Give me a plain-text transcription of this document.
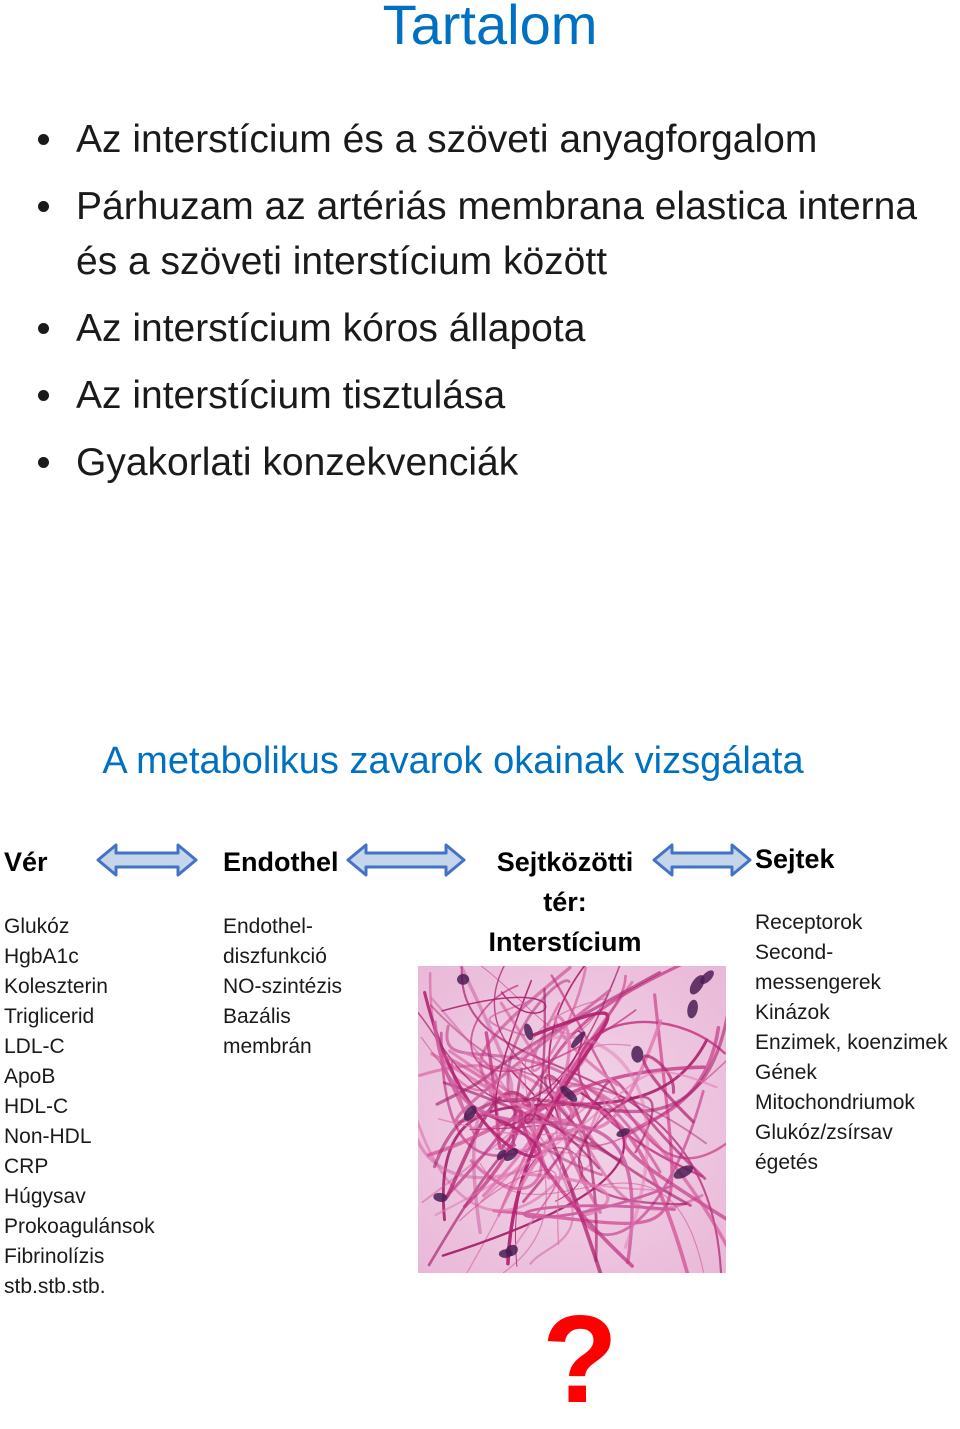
Tartalom
Az interstícium és a szöveti anyagforgalom
Párhuzam az artériás membrana elastica interna és a szöveti interstícium között
Az interstícium kóros állapota
Az interstícium tisztulása
Gyakorlati konzekvenciák
A metabolikus zavarok okainak vizsgálata
Vér	Endothel	Sejtközötti
tér:
Interstícium
Sejtek
Glukóz
HgbA1c
Koleszterin
Triglicerid
LDL-C
ApoB
HDL-C
Non-HDL
CRP
Húgysav
Prokoagulánsok
Fibrinolízis
stb.stb.stb.
Endothel-
diszfunkció
NO-szintézis
Bazális
membrán
Receptorok
Second-
messengerek
Kinázok
Enzimek, koenzimek
Gének
Mitochondriumok
Glukóz/zsírsav
égetés
?
